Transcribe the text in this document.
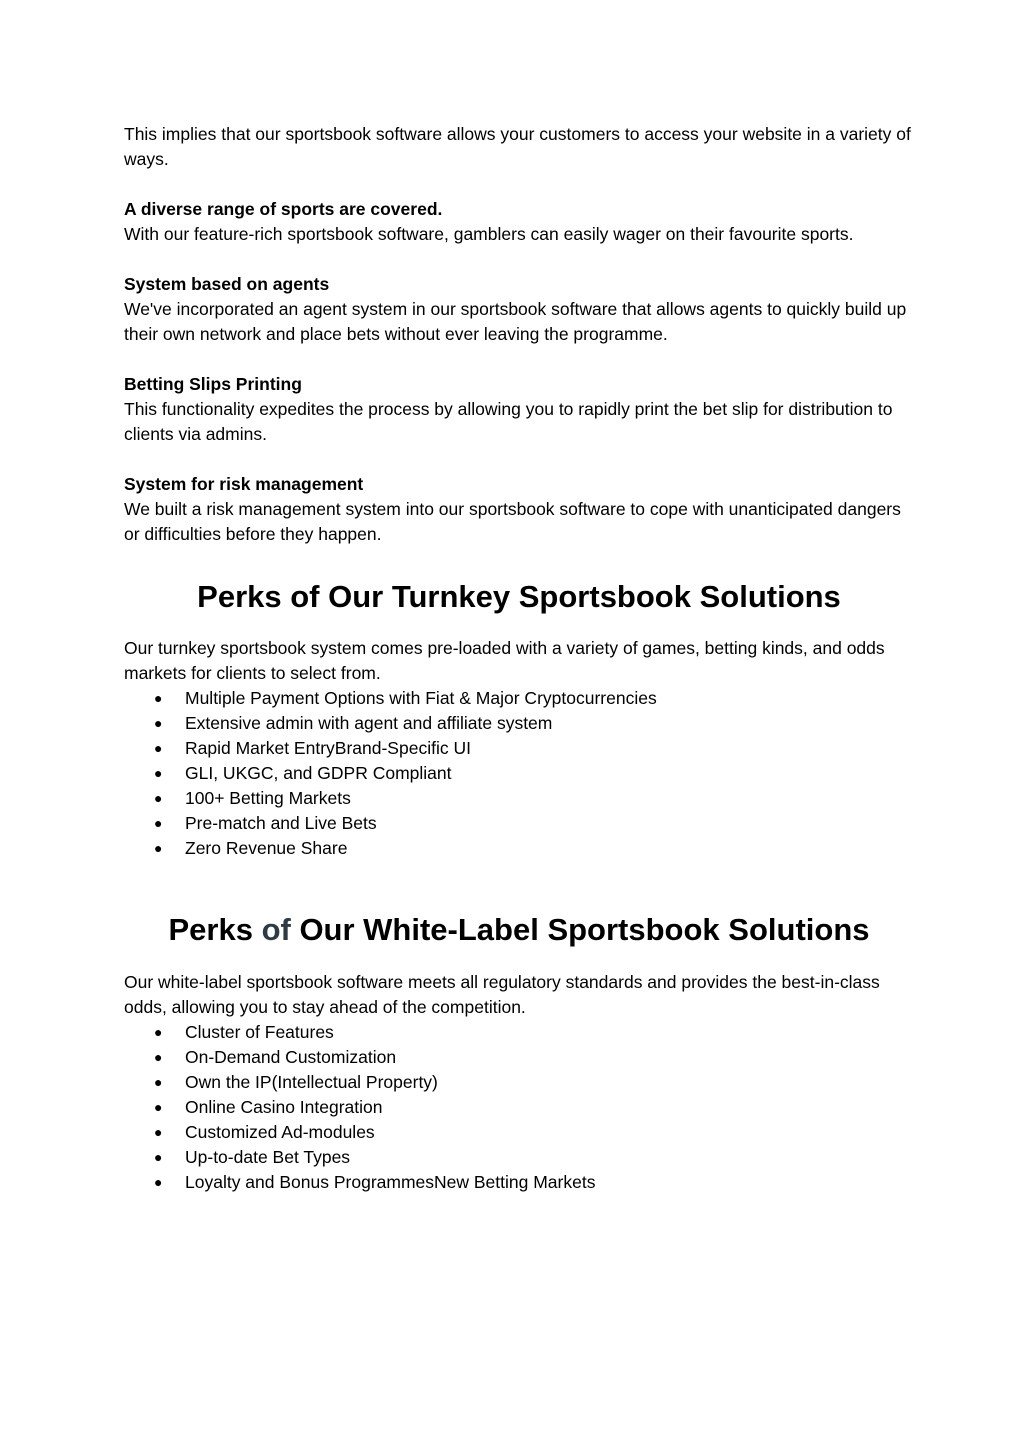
This implies that our sportsbook software allows your customers to access your website in a variety of ways.

A diverse range of sports are covered.

With our feature-rich sportsbook software, gamblers can easily wager on their favourite sports.

System based on agents

We've incorporated an agent system in our sportsbook software that allows agents to quickly build up their own network and place bets without ever leaving the programme.

Betting Slips Printing

This functionality expedites the process by allowing you to rapidly print the bet slip for distribution to clients via admins.

System for risk management

We built a risk management system into our sportsbook software to cope with unanticipated dangers or difficulties before they happen.

Perks of Our Turnkey Sportsbook Solutions

Our turnkey sportsbook system comes pre-loaded with a variety of games, betting kinds, and odds markets for clients to select from.

● Multiple Payment Options with Fiat & Major Cryptocurrencies
● Extensive admin with agent and affiliate system
● Rapid Market EntryBrand-Specific UI
● GLI, UKGC, and GDPR Compliant
● 100+ Betting Markets
● Pre-match and Live Bets
● Zero Revenue Share
Perks of Our White-Label Sportsbook Solutions

Our white-label sportsbook software meets all regulatory standards and provides the best-in-class odds, allowing you to stay ahead of the competition.

● Cluster of Features
● On-Demand Customization
● Own the IP(Intellectual Property)
● Online Casino Integration
● Customized Ad-modules
● Up-to-date Bet Types
● Loyalty and Bonus ProgrammesNew Betting Markets
